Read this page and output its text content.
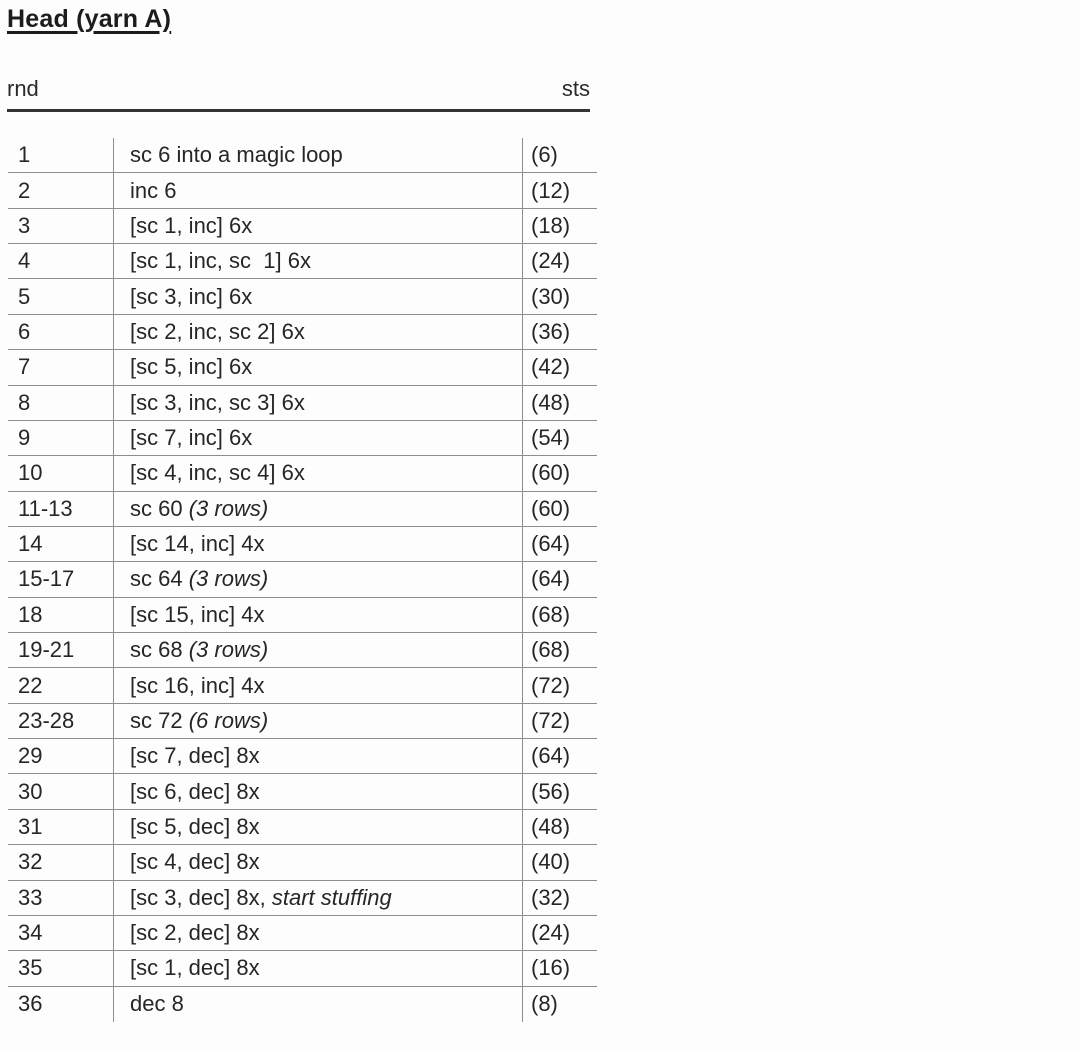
Head (yarn A)
rnd	sts
1	sc 6 into a magic loop	(6)
2	inc 6	(12)
3	[sc 1, inc] 6x	(18)
4	[sc 1, inc, sc  1] 6x	(24)
5	[sc 3, inc] 6x	(30)
6	[sc 2, inc, sc 2] 6x	(36)
7	[sc 5, inc] 6x	(42)
8	[sc 3, inc, sc 3] 6x	(48)
9	[sc 7, inc] 6x	(54)
10	[sc 4, inc, sc 4] 6x	(60)
11-13	sc 60 (3 rows)	(60)
14	[sc 14, inc] 4x	(64)
15-17	sc 64 (3 rows)	(64)
18	[sc 15, inc] 4x	(68)
19-21	sc 68 (3 rows)	(68)
22	[sc 16, inc] 4x	(72)
23-28	sc 72 (6 rows)	(72)
29	[sc 7, dec] 8x	(64)
30	[sc 6, dec] 8x	(56)
31	[sc 5, dec] 8x	(48)
32	[sc 4, dec] 8x	(40)
33	[sc 3, dec] 8x, start stuffing	(32)
34	[sc 2, dec] 8x	(24)
35	[sc 1, dec] 8x	(16)
36	dec 8	(8)
